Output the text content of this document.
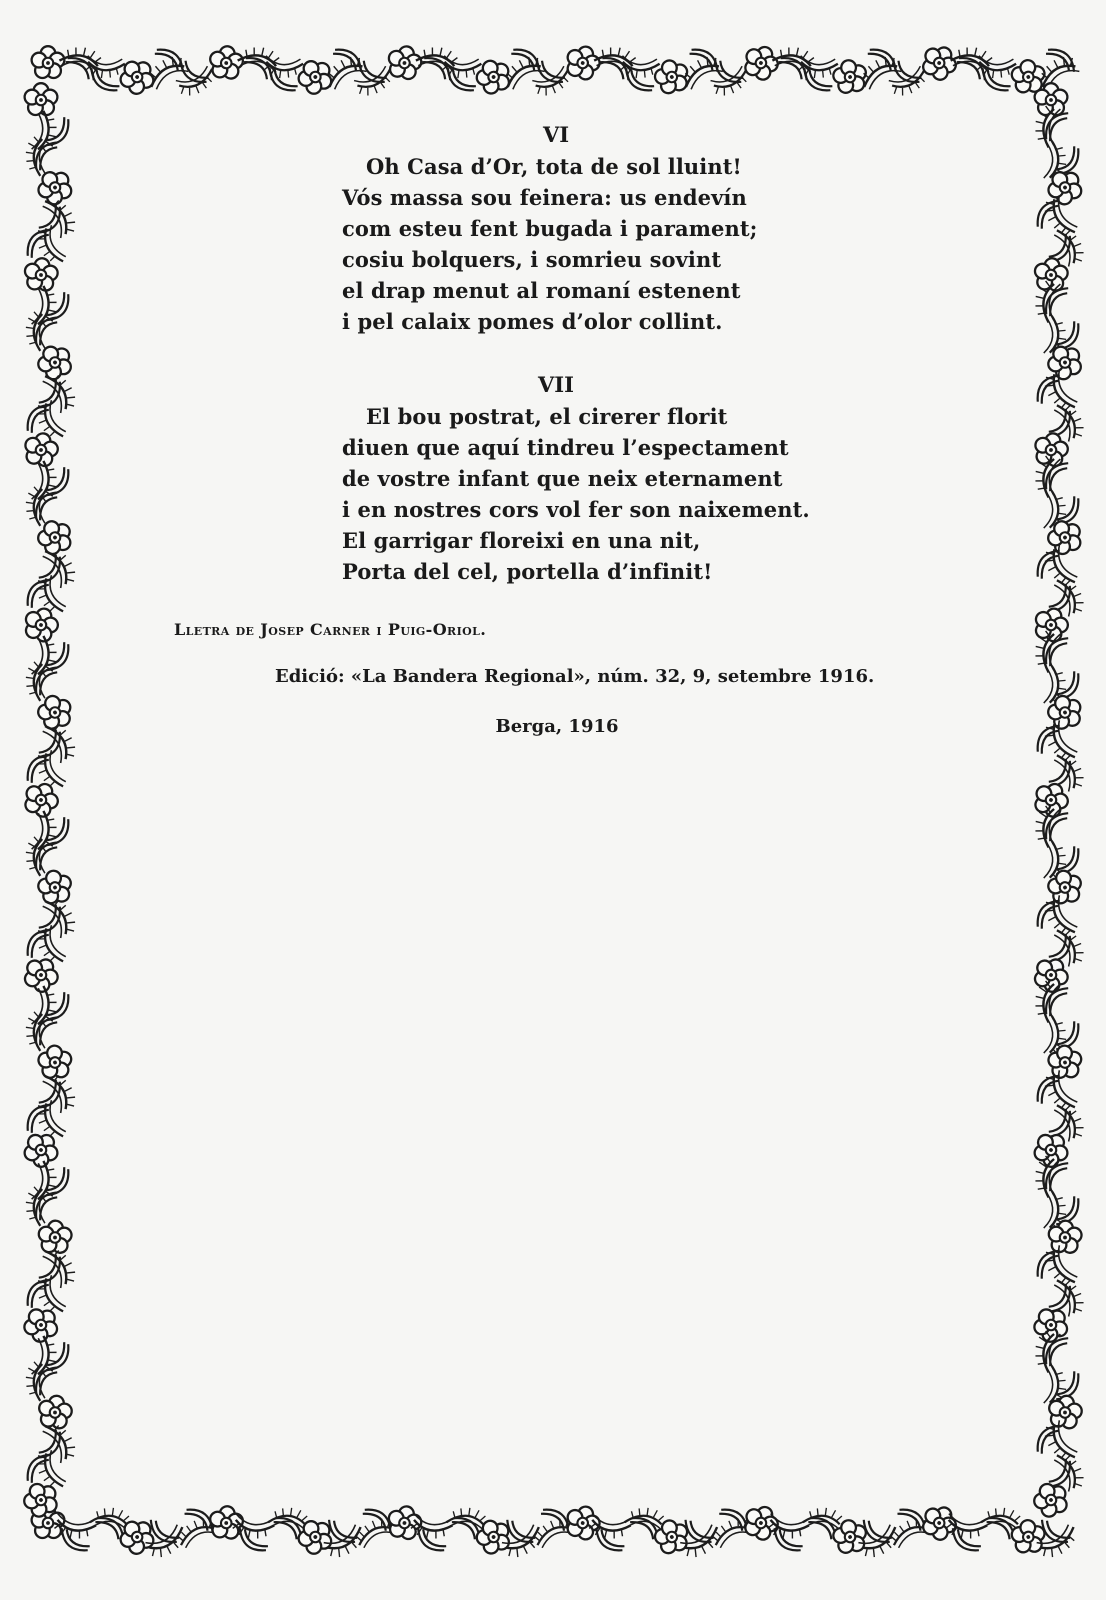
VI
Oh Casa d’Or, tota de sol lluint!
Vós massa sou feinera: us endevín
com esteu fent bugada i parament;
cosiu bolquers, i somrieu sovint
el drap menut al romaní estenent
i pel calaix pomes d’olor collint.
VII
El bou postrat, el cirerer florit
diuen que aquí tindreu l’espectament
de vostre infant que neix eternament
i en nostres cors vol fer son naixement.
El garrigar floreixi en una nit,
Porta del cel, portella d’infinit!
Lletra de Josep Carner i Puig-Oriol.
Edició: «La Bandera Regional», núm. 32, 9, setembre 1916.
Berga, 1916
